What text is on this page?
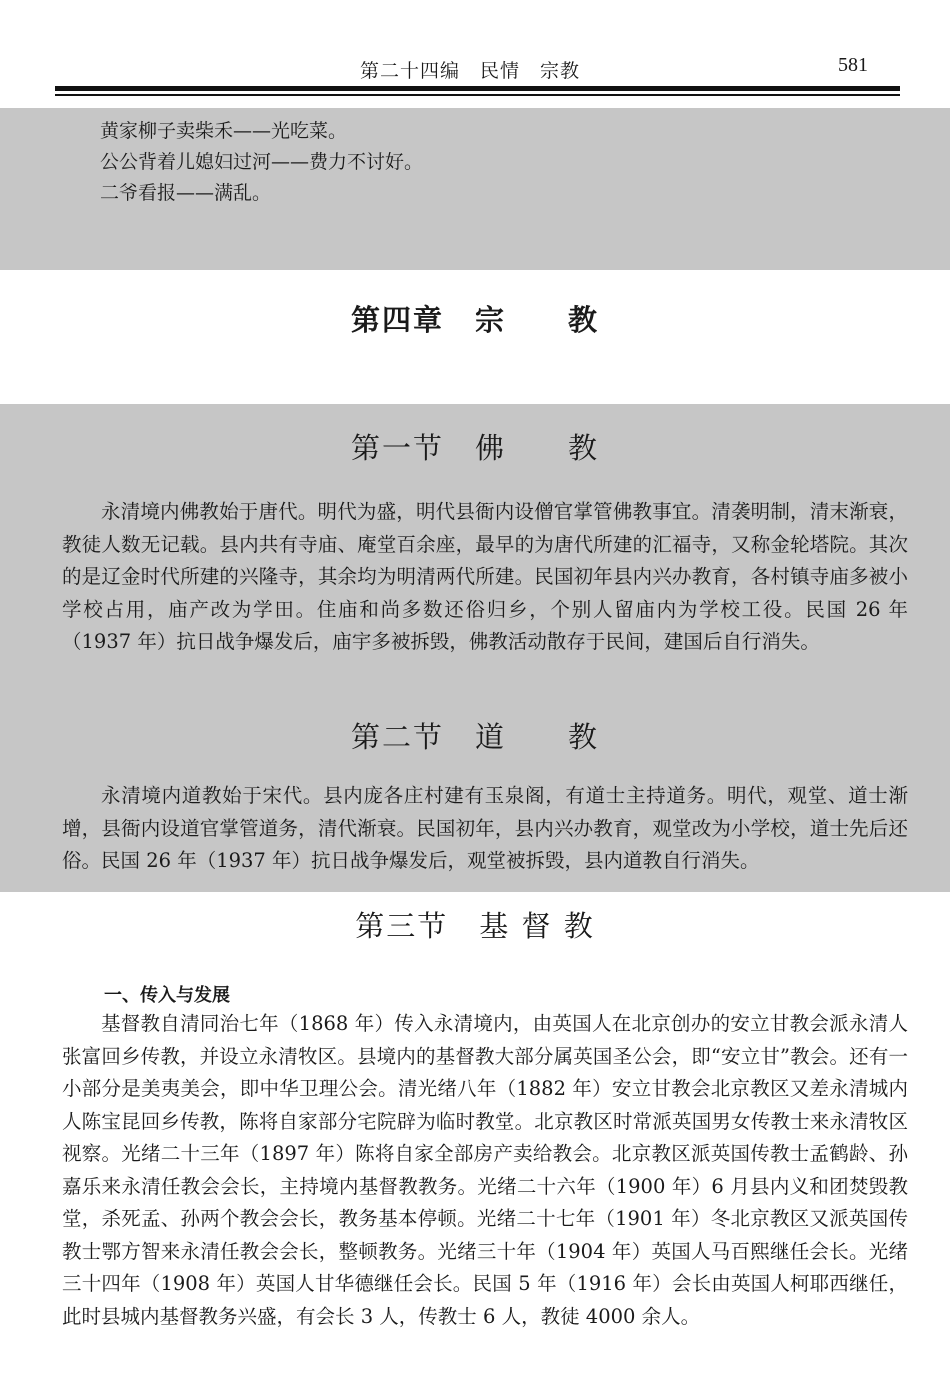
第二十四编　民情　宗教	581
黄家柳子卖柴禾——光吃菜。
公公背着儿媳妇过河——费力不讨好。
二爷看报——满乱。
第四章　宗　　教
第一节　佛　　教

永清境内佛教始于唐代。明代为盛，明代县衙内设僧官掌管佛教事宜。清袭明制，清末渐衰，教徒人数无记载。县内共有寺庙、庵堂百余座，最早的为唐代所建的汇福寺，又称金轮塔院。其次的是辽金时代所建的兴隆寺，其余均为明清两代所建。民国初年县内兴办教育，各村镇寺庙多被小学校占用，庙产改为学田。住庙和尚多数还俗归乡，个别人留庙内为学校工役。民国 26 年（1937 年）抗日战争爆发后，庙宇多被拆毁，佛教活动散存于民间，建国后自行消失。

第二节　道　　教

永清境内道教始于宋代。县内庞各庄村建有玉泉阁，有道士主持道务。明代，观堂、道士渐增，县衙内设道官掌管道务，清代渐衰。民国初年，县内兴办教育，观堂改为小学校，道士先后还俗。民国 26 年（1937 年）抗日战争爆发后，观堂被拆毁，县内道教自行消失。

第三节　基 督 教
一、传入与发展

基督教自清同治七年（1868 年）传入永清境内，由英国人在北京创办的安立甘教会派永清人张富回乡传教，并设立永清牧区。县境内的基督教大部分属英国圣公会，即“安立甘”教会。还有一小部分是美夷美会，即中华卫理公会。清光绪八年（1882 年）安立甘教会北京教区又差永清城内人陈宝昆回乡传教，陈将自家部分宅院辟为临时教堂。北京教区时常派英国男女传教士来永清牧区视察。光绪二十三年（1897 年）陈将自家全部房产卖给教会。北京教区派英国传教士孟鹤龄、孙嘉乐来永清任教会会长，主持境内基督教教务。光绪二十六年（1900 年）6 月县内义和团焚毁教堂，杀死孟、孙两个教会会长，教务基本停顿。光绪二十七年（1901 年）冬北京教区又派英国传教士鄂方智来永清任教会会长，整顿教务。光绪三十年（1904 年）英国人马百熙继任会长。光绪三十四年（1908 年）英国人甘华德继任会长。民国 5 年（1916 年）会长由英国人柯耶西继任，此时县城内基督教务兴盛，有会长 3 人，传教士 6 人，教徒 4000 余人。
